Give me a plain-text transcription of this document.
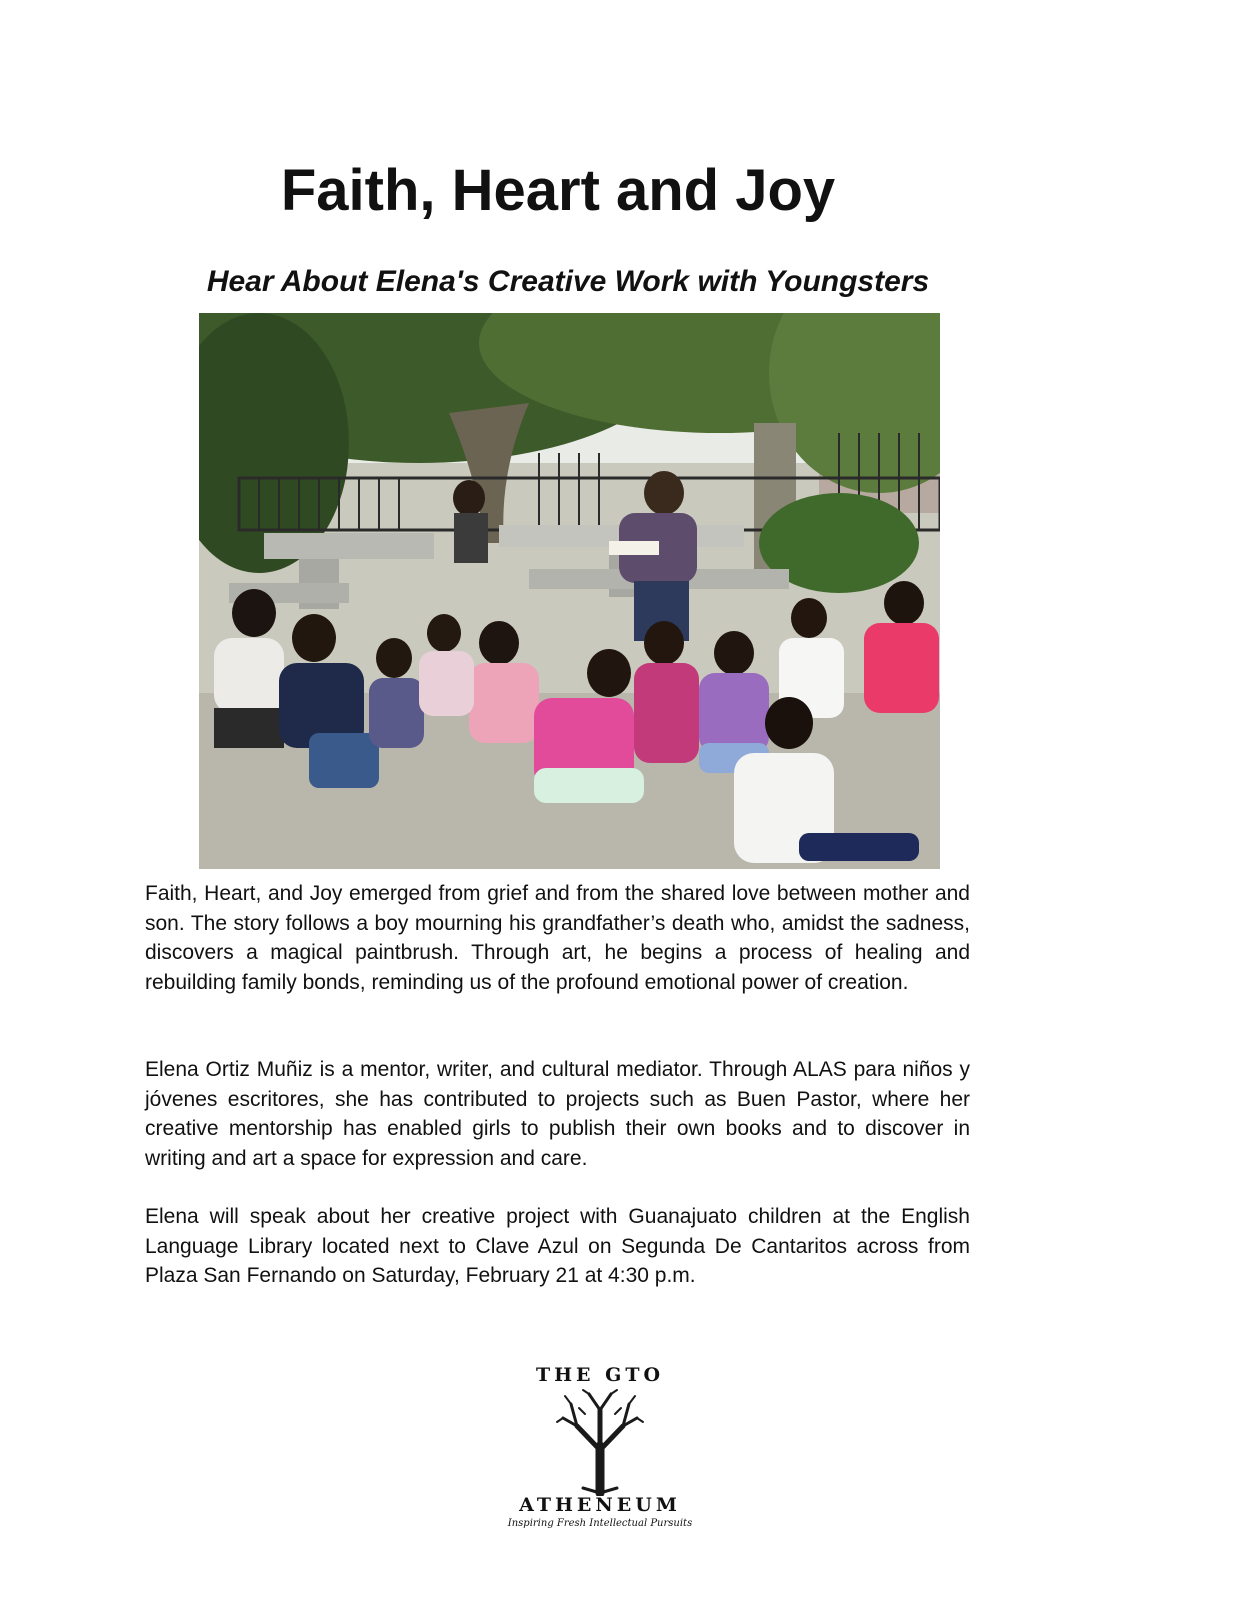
Faith, Heart and Joy
Hear About Elena's Creative Work with Youngsters

Faith, Heart, and Joy emerged from grief and from the shared love between mother and son. The story follows a boy mourning his grandfather’s death who, amidst the sadness, discovers a magical paintbrush. Through art, he begins a process of healing and rebuilding family bonds, reminding us of the profound emotional power of creation.

Elena Ortiz Muñiz is a mentor, writer, and cultural mediator. Through ALAS para niños y jóvenes escritores, she has contributed to projects such as Buen Pastor, where her creative mentorship has enabled girls to publish their own books and to discover in writing and art a space for expression and care.

Elena will speak about her creative project with Guanajuato children at the English Language Library located next to Clave Azul on Segunda De Cantaritos across from Plaza San Fernando on Saturday, February 21 at 4:30 p.m.

THE GTO
ATHENEUM
Inspiring Fresh Intellectual Pursuits
